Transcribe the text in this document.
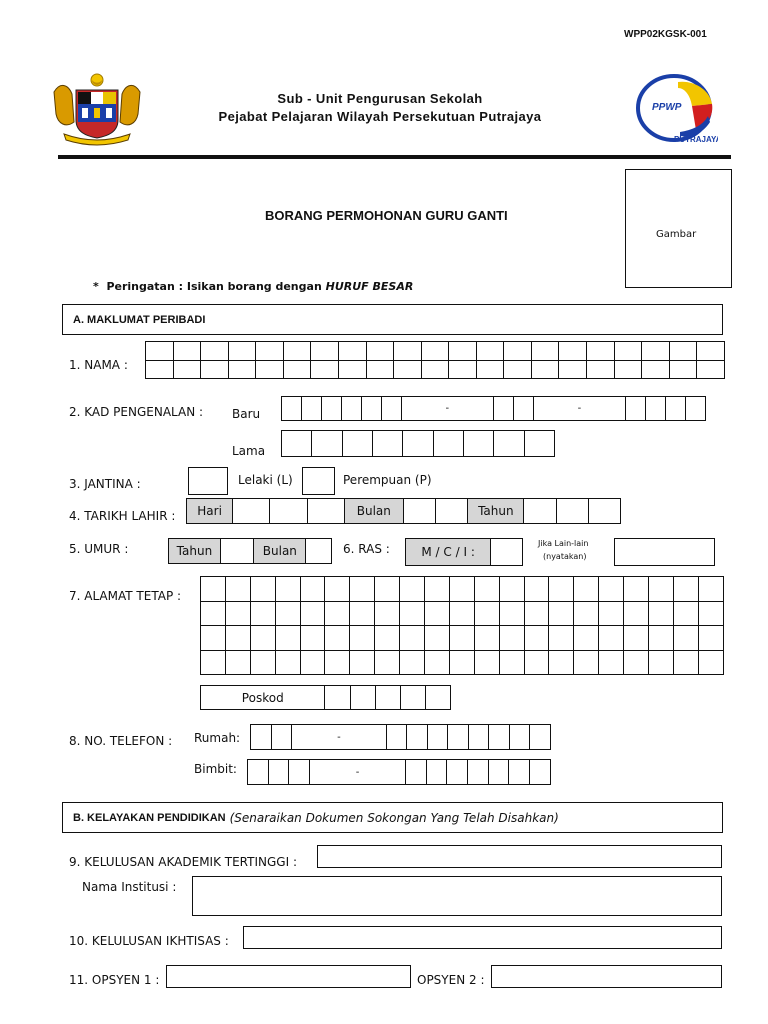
WPP02KGSK-001
Sub - Unit Pengurusan Sekolah
Pejabat Pelajaran Wilayah Persekutuan Putrajaya
PPWP
PUTRAJAYA
Gambar
BORANG PERMOHONAN GURU GANTI
* Peringatan : Isikan borang dengan HURUF BESAR
A. MAKLUMAT PERIBADI
1. NAMA :

2. KAD PENGENALAN : Baru
							-			-				
Lama

3. JANTINA :	Lelaki (L)	Perempuan (P)
4. TARIKH LAHIR : Hari				Bulan			Tahun			
5. UMUR :	Tahun		Bulan		6. RAS :	M / C / I :	
Jika Lain-lain
(nyatakan)
7. ALAMAT TETAP :

Poskod					
8. NO. TELEFON : Rumah:
			-								
Bimbit:
				-							
B. KELAYAKAN PENDIDIKAN (Senaraikan Dokumen Sokongan Yang Telah Disahkan)
9. KELULUSAN AKADEMIK TERTINGGI :
Nama Institusi :
10. KELULUSAN IKHTISAS :
11. OPSYEN 1 :	OPSYEN 2 :
